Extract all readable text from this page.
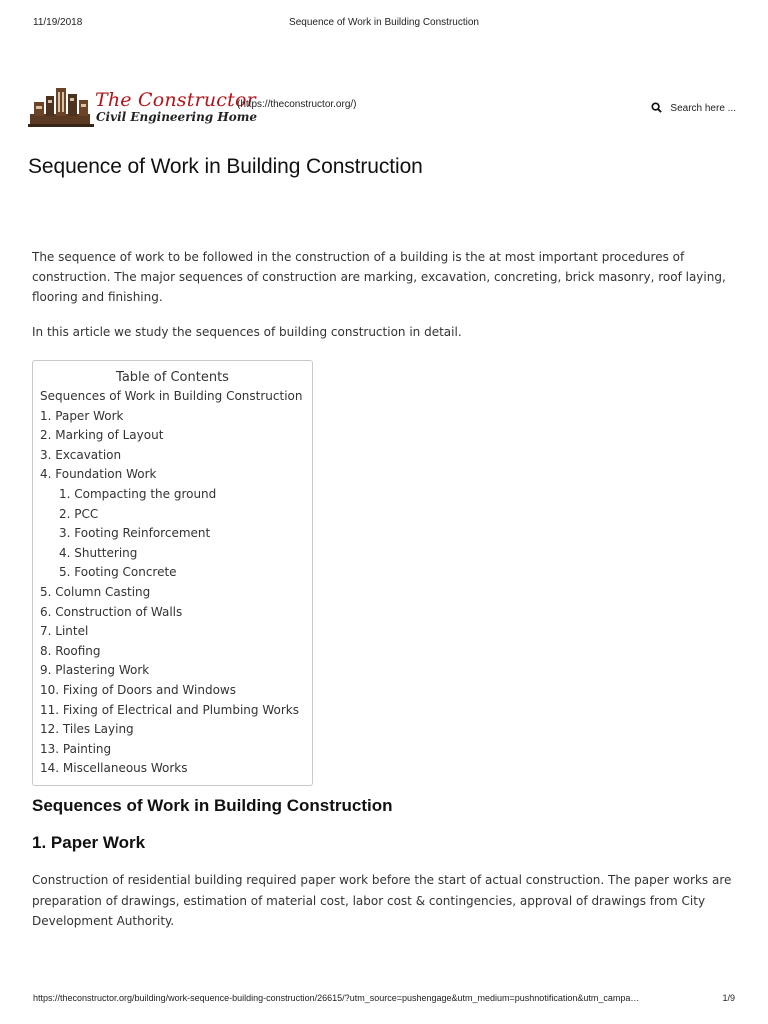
11/19/2018	Sequence of Work in Building Construction
The Constructor
Civil Engineering Home
(https://theconstructor.org/)	Search here ...
Sequence of Work in Building Construction

The sequence of work to be followed in the construction of a building is the at most important procedures of construction. The major sequences of construction are marking, excavation, concreting, brick masonry, roof laying, flooring and finishing.

In this article we study the sequences of building construction in detail.

Table of Contents
Sequences of Work in Building Construction
1. Paper Work
2. Marking of Layout
3. Excavation
4. Foundation Work
1. Compacting the ground
2. PCC
3. Footing Reinforcement
4. Shuttering
5. Footing Concrete
5. Column Casting
6. Construction of Walls
7. Lintel
8. Roofing
9. Plastering Work
10. Fixing of Doors and Windows
11. Fixing of Electrical and Plumbing Works
12. Tiles Laying
13. Painting
14. Miscellaneous Works
Sequences of Work in Building Construction
1. Paper Work
Construction of residential building required paper work before the start of actual construction. The paper works are preparation of drawings, estimation of material cost, labor cost & contingencies, approval of drawings from City Development Authority.
https://theconstructor.org/building/work-sequence-building-construction/26615/?utm_source=pushengage&utm_medium=pushnotification&utm_campa…	1/9
